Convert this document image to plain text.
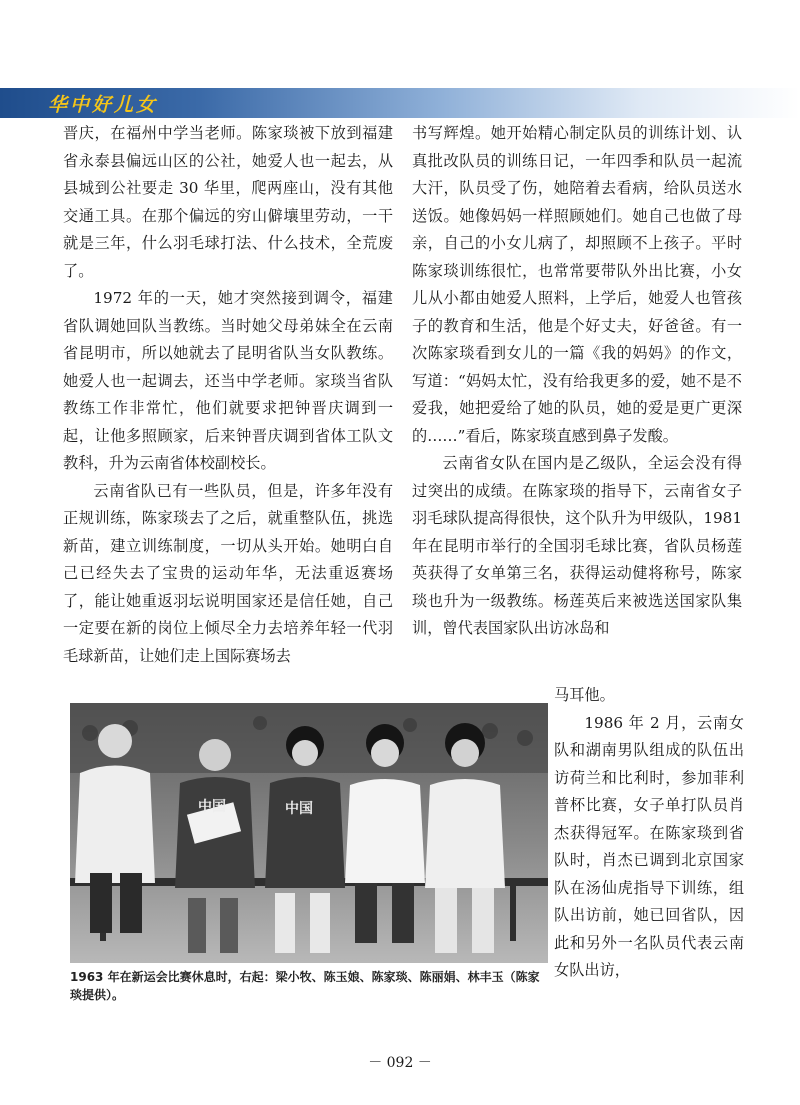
华中好儿女

晋庆，在福州中学当老师。陈家琰被下放到福建省永泰县偏远山区的公社，她爱人也一起去，从县城到公社要走 30 华里，爬两座山，没有其他交通工具。在那个偏远的穷山僻壤里劳动，一干就是三年，什么羽毛球打法、什么技术，全荒废了。

1972 年的一天，她才突然接到调令，福建省队调她回队当教练。当时她父母弟妹全在云南省昆明市，所以她就去了昆明省队当女队教练。她爱人也一起调去，还当中学老师。家琰当省队教练工作非常忙，他们就要求把钟晋庆调到一起，让他多照顾家，后来钟晋庆调到省体工队文教科，升为云南省体校副校长。

云南省队已有一些队员，但是，许多年没有正规训练，陈家琰去了之后，就重整队伍，挑选新苗，建立训练制度，一切从头开始。她明白自己已经失去了宝贵的运动年华，无法重返赛场了，能让她重返羽坛说明国家还是信任她，自己一定要在新的岗位上倾尽全力去培养年轻一代羽毛球新苗，让她们走上国际赛场去

书写辉煌。她开始精心制定队员的训练计划、认真批改队员的训练日记，一年四季和队员一起流大汗，队员受了伤，她陪着去看病，给队员送水送饭。她像妈妈一样照顾她们。她自己也做了母亲，自己的小女儿病了，却照顾不上孩子。平时陈家琰训练很忙，也常常要带队外出比赛，小女儿从小都由她爱人照料，上学后，她爱人也管孩子的教育和生活，他是个好丈夫，好爸爸。有一次陈家琰看到女儿的一篇《我的妈妈》的作文，写道：“妈妈太忙，没有给我更多的爱，她不是不爱我，她把爱给了她的队员，她的爱是更广更深的……”看后，陈家琰直感到鼻子发酸。

云南省女队在国内是乙级队，全运会没有得过突出的成绩。在陈家琰的指导下，云南省女子羽毛球队提高得很快，这个队升为甲级队，1981 年在昆明市举行的全国羽毛球比赛，省队员杨莲英获得了女单第三名，获得运动健将称号，陈家琰也升为一级教练。杨莲英后来被选送国家队集训，曾代表国家队出访冰岛和

马耳他。

1986 年 2 月，云南女队和湖南男队组成的队伍出访荷兰和比利时，参加菲利普杯比赛，女子单打队员肖杰获得冠军。在陈家琰到省队时，肖杰已调到北京国家队在汤仙虎指导下训练，组队出访前，她已回省队，因此和另外一名队员代表云南女队出访，

中国	中国
1963 年在新运会比赛休息时，右起：梁小牧、陈玉娘、陈家琰、陈丽娟、林丰玉（陈家琰提供）。
－ 092 －
